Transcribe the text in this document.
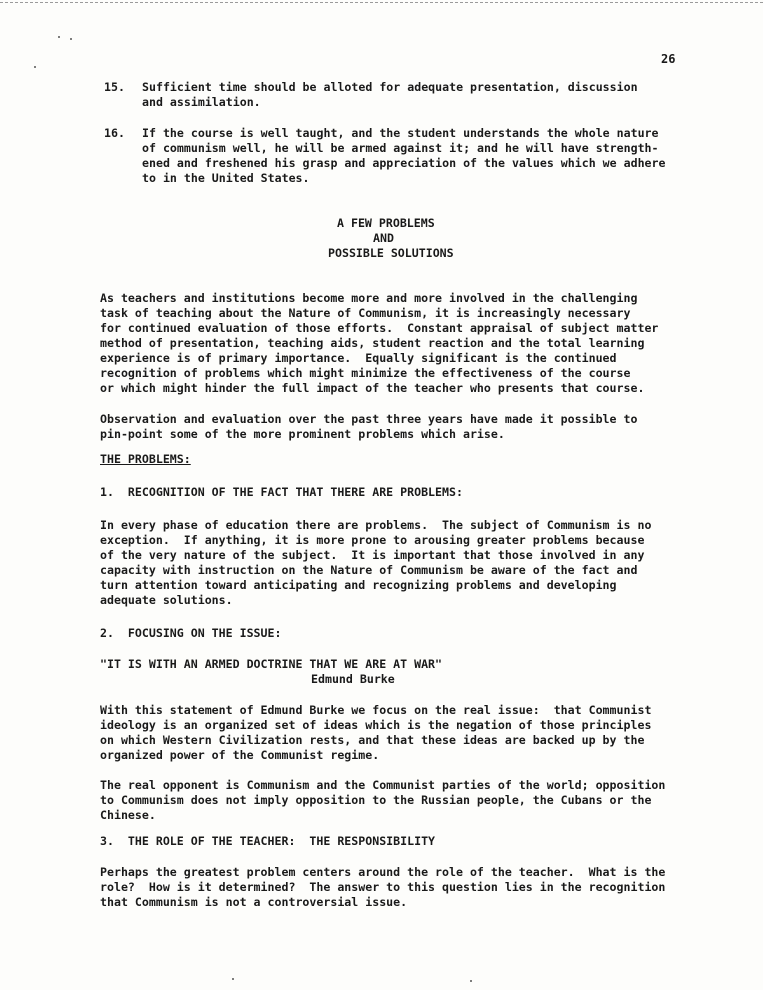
26
15. Sufficient time should be alloted for adequate presentation, discussion
and assimilation.
16. If the course is well taught, and the student understands the whole nature
of communism well, he will be armed against it; and he will have strength-
ened and freshened his grasp and appreciation of the values which we adhere
to in the United States.
A FEW PROBLEMS
AND
POSSIBLE SOLUTIONS
As teachers and institutions become more and more involved in the challenging
task of teaching about the Nature of Communism, it is increasingly necessary
for continued evaluation of those efforts.  Constant appraisal of subject matter
method of presentation, teaching aids, student reaction and the total learning
experience is of primary importance.  Equally significant is the continued
recognition of problems which might minimize the effectiveness of the course
or which might hinder the full impact of the teacher who presents that course.
Observation and evaluation over the past three years have made it possible to
pin-point some of the more prominent problems which arise.
THE PROBLEMS:
1.  RECOGNITION OF THE FACT THAT THERE ARE PROBLEMS:
In every phase of education there are problems.  The subject of Communism is no
exception.  If anything, it is more prone to arousing greater problems because
of the very nature of the subject.  It is important that those involved in any
capacity with instruction on the Nature of Communism be aware of the fact and
turn attention toward anticipating and recognizing problems and developing
adequate solutions.
2.  FOCUSING ON THE ISSUE:
"IT IS WITH AN ARMED DOCTRINE THAT WE ARE AT WAR"
Edmund Burke
With this statement of Edmund Burke we focus on the real issue:  that Communist
ideology is an organized set of ideas which is the negation of those principles
on which Western Civilization rests, and that these ideas are backed up by the
organized power of the Communist regime.
The real opponent is Communism and the Communist parties of the world; opposition
to Communism does not imply opposition to the Russian people, the Cubans or the
Chinese.
3.  THE ROLE OF THE TEACHER:  THE RESPONSIBILITY
Perhaps the greatest problem centers around the role of the teacher.  What is the
role?  How is it determined?  The answer to this question lies in the recognition
that Communism is not a controversial issue.
